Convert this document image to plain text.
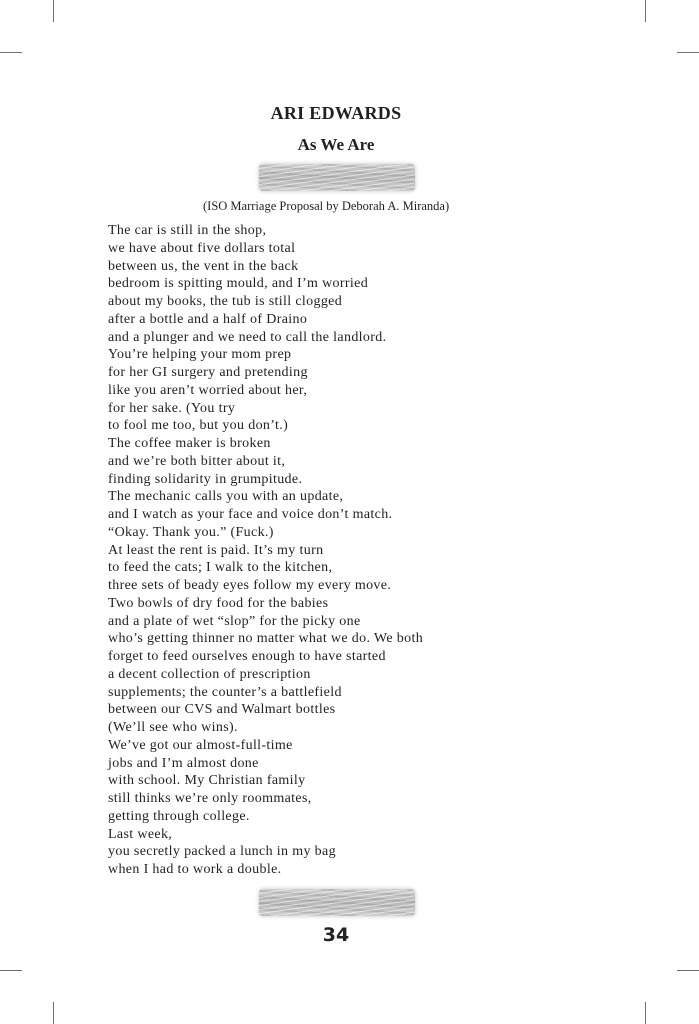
ARI EDWARDS
As We Are
(ISO Marriage Proposal by Deborah A. Miranda)
The car is still in the shop,
we have about five dollars total
between us, the vent in the back
bedroom is spitting mould, and I’m worried
about my books, the tub is still clogged
after a bottle and a half of Draino
and a plunger and we need to call the landlord.
You’re helping your mom prep
for her GI surgery and pretending
like you aren’t worried about her,
for her sake. (You try
to fool me too, but you don’t.)
The coffee maker is broken
and we’re both bitter about it,
finding solidarity in grumpitude.
The mechanic calls you with an update,
and I watch as your face and voice don’t match.
“Okay. Thank you.” (Fuck.)
At least the rent is paid. It’s my turn
to feed the cats; I walk to the kitchen,
three sets of beady eyes follow my every move.
Two bowls of dry food for the babies
and a plate of wet “slop” for the picky one
who’s getting thinner no matter what we do. We both
forget to feed ourselves enough to have started
a decent collection of prescription
supplements; the counter’s a battlefield
between our CVS and Walmart bottles
(We’ll see who wins).
We’ve got our almost-full-time
jobs and I’m almost done
with school. My Christian family
still thinks we’re only roommates,
getting through college.
Last week,
you secretly packed a lunch in my bag
when I had to work a double.
34
